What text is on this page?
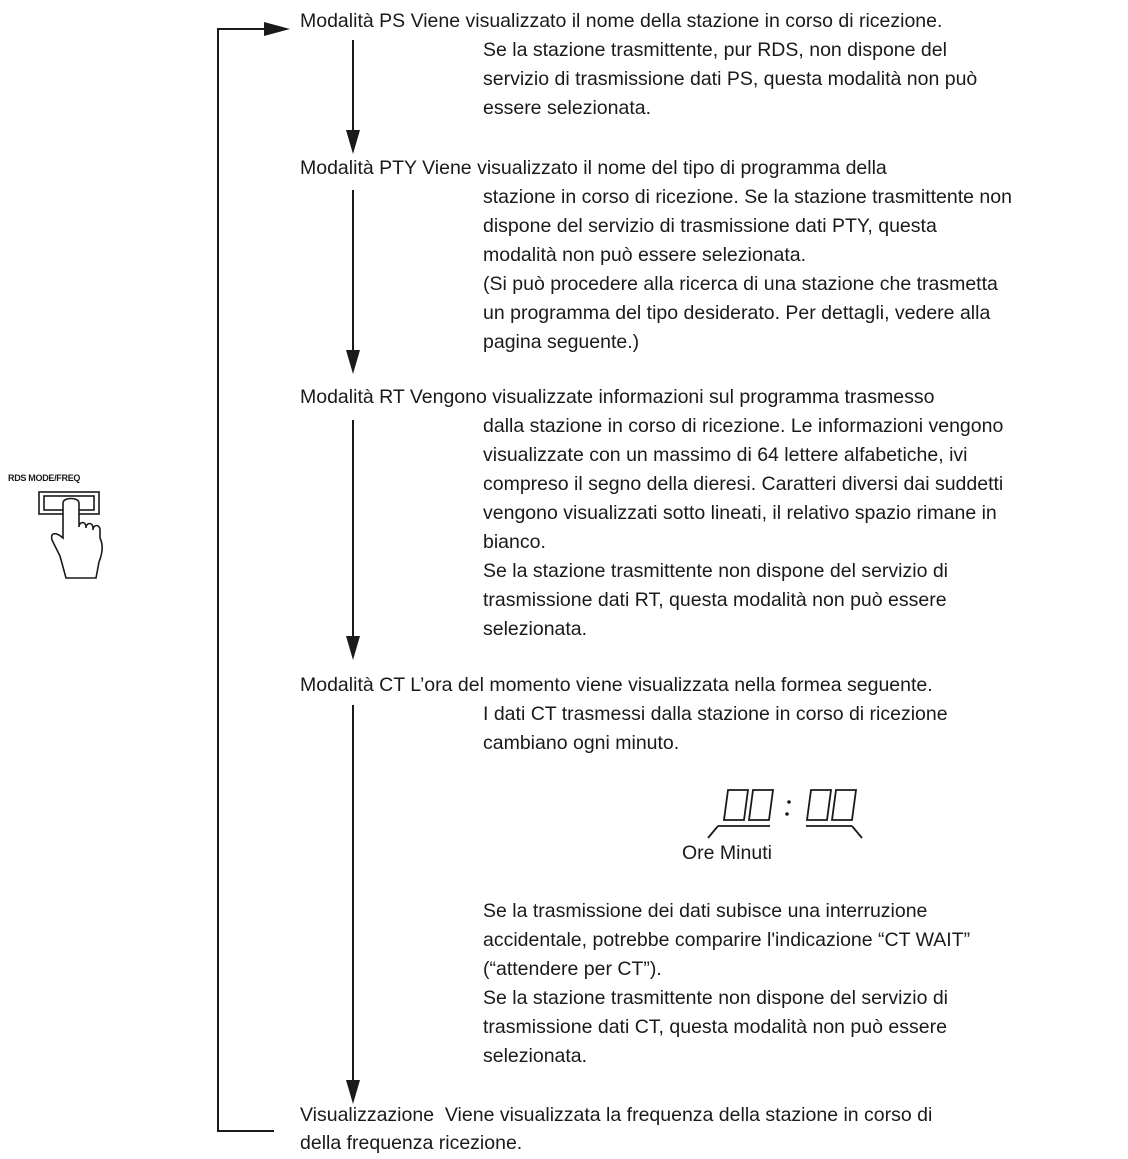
RDS MODE/FREQ
Modalità PS Viene visualizzato il nome della stazione in corso di ricezione.
Se la stazione trasmittente, pur RDS, non dispone del
servizio di trasmissione dati PS, questa modalità non può
essere selezionata.
Modalità PTY Viene visualizzato il nome del tipo di programma della
stazione in corso di ricezione. Se la stazione trasmittente non
dispone del servizio di trasmissione dati PTY, questa
modalità non può essere selezionata.
(Si può procedere alla ricerca di una stazione che trasmetta
un programma del tipo desiderato. Per dettagli, vedere alla
pagina seguente.)
Modalità RT Vengono visualizzate informazioni sul programma trasmesso
dalla stazione in corso di ricezione. Le informazioni vengono
visualizzate con un massimo di 64 lettere alfabetiche, ivi
compreso il segno della dieresi. Caratteri diversi dai suddetti
vengono visualizzati sotto lineati, il relativo spazio rimane in
bianco.
Se la stazione trasmittente non dispone del servizio di
trasmissione dati RT, questa modalità non può essere
selezionata.
Modalità CT L’ora del momento viene visualizzata nella formea seguente.
I dati CT trasmessi dalla stazione in corso di ricezione
cambiano ogni minuto.
Ore Minuti
Se la trasmissione dei dati subisce una interruzione
accidentale, potrebbe comparire l'indicazione “CT WAIT”
(“attendere per CT”).
Se la stazione trasmittente non dispone del servizio di
trasmissione dati CT, questa modalità non può essere
selezionata.
Visualizzazione Viene visualizzata la frequenza della stazione in corso di
della frequenza ricezione.
